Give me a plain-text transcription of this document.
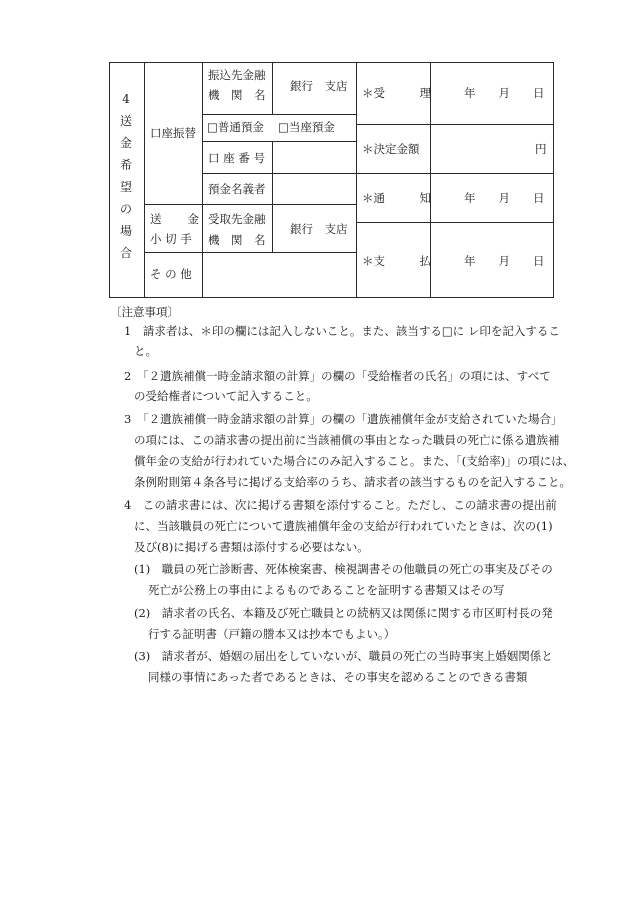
4
送
金
希
望
の
場
合
口座振替
送　　金
小 切 手
そ の 他
振込先金融
機　関　名
□普通預金 □当座預金
口 座 番 号
預金名義者
受取先金融
機　関　名
銀行　支店
銀行　支店
＊受　　　理
＊決定金額
＊通　　　知
＊支　　　払
年　　月　　日
円
年　　月　　日
年　　月　　日
〔注意事項〕
1　請求者は、＊印の欄には記入しないこと。また、該当する□に レ印を記入するこ
と。
2　「２遺族補償一時金請求額の計算」の欄の「受給権者の氏名」の項には、すべて
の受給権者について記入すること。
3　「２遺族補償一時金請求額の計算」の欄の「遺族補償年金が支給されていた場合」
の項には、この請求書の提出前に当該補償の事由となった職員の死亡に係る遺族補
償年金の支給が行われていた場合にのみ記入すること。また、「(支給率)」の項には、
条例附則第４条各号に掲げる支給率のうち、請求者の該当するものを記入すること。
4　この請求書には、次に掲げる書類を添付すること。ただし、この請求書の提出前
に、当該職員の死亡について遺族補償年金の支給が行われていたときは、次の(1)
及び(8)に掲げる書類は添付する必要はない。
(1)　職員の死亡診断書、死体検案書、検視調書その他職員の死亡の事実及びその
死亡が公務上の事由によるものであることを証明する書類又はその写
(2)　請求者の氏名、本籍及び死亡職員との続柄又は関係に関する市区町村長の発
行する証明書（戸籍の謄本又は抄本でもよい。）
(3)　請求者が、婚姻の届出をしていないが、職員の死亡の当時事実上婚姻関係と
同様の事情にあった者であるときは、その事実を認めることのできる書類
